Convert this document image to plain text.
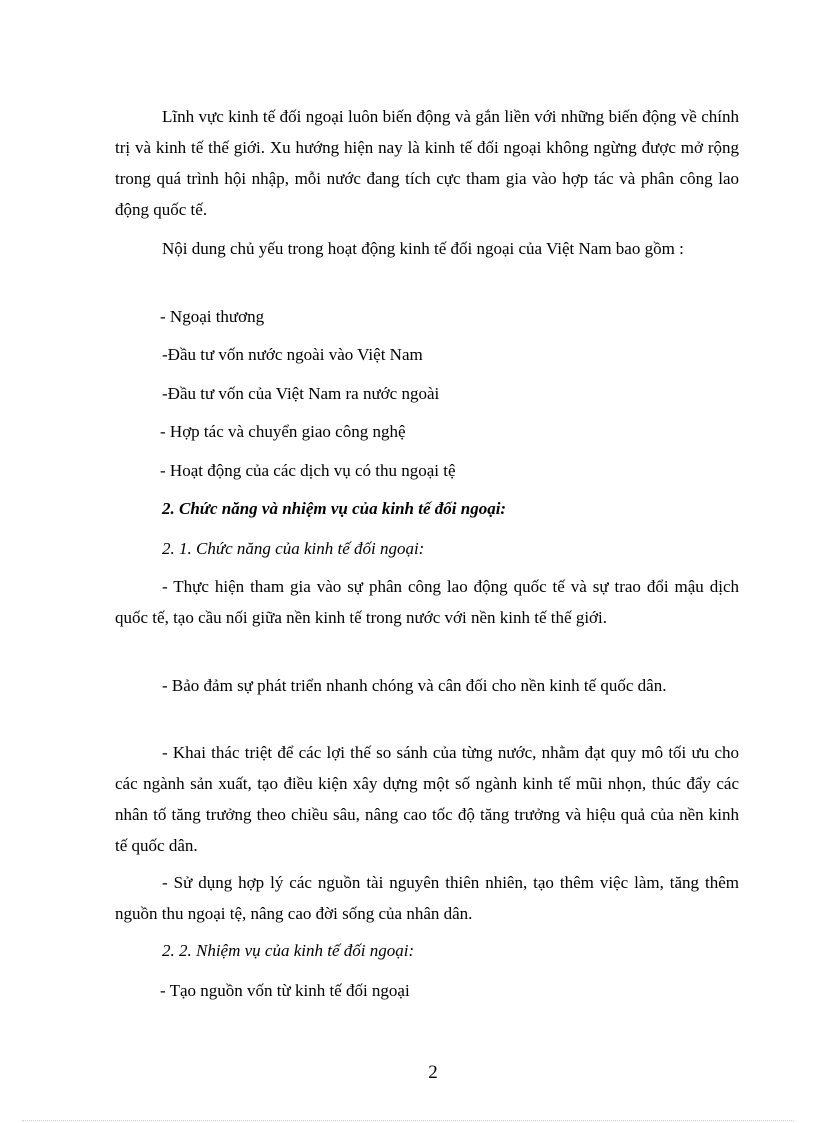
Lĩnh vực kinh tế đối ngoại luôn biến động và gắn liền với những biến động về chính trị và kinh tế thế giới. Xu hướng hiện nay là kinh tế đối ngoại không ngừng được mở rộng trong quá trình hội nhập, mỗi nước đang tích cực tham gia vào hợp tác và phân công lao động quốc tế.
Nội dung chủ yếu trong hoạt động kinh tế đối ngoại của Việt Nam bao gồm :
- Ngoại thương
-Đầu tư vốn nước ngoài vào Việt Nam
-Đầu tư vốn của Việt Nam ra nước ngoài
- Hợp tác và chuyển giao công nghệ
- Hoạt động của các dịch vụ có thu ngoại tệ
2. Chức năng và nhiệm vụ của kinh tế đối ngoại:
2. 1. Chức năng của kinh tế đối ngoại:
- Thực hiện tham gia vào sự phân công lao động quốc tế và sự trao đổi mậu dịch quốc tế, tạo cầu nối giữa nền kinh tế trong nước với nền kinh tế thế giới.
- Bảo đảm sự phát triển nhanh chóng và cân đối cho nền kinh tế quốc dân.
- Khai thác triệt để các lợi thế so sánh của từng nước, nhằm đạt quy mô tối ưu cho các ngành sản xuất, tạo điều kiện xây dựng một số ngành kinh tế mũi nhọn, thúc đẩy các nhân tố tăng trưởng theo chiều sâu, nâng cao tốc độ tăng trưởng và hiệu quả của nền kinh tế quốc dân.
- Sử dụng hợp lý các nguồn tài nguyên thiên nhiên, tạo thêm việc làm, tăng thêm nguồn thu ngoại tệ, nâng cao đời sống của nhân dân.
2. 2. Nhiệm vụ của kinh tế đối ngoại:
- Tạo nguồn vốn từ kinh tế đối ngoại
2
